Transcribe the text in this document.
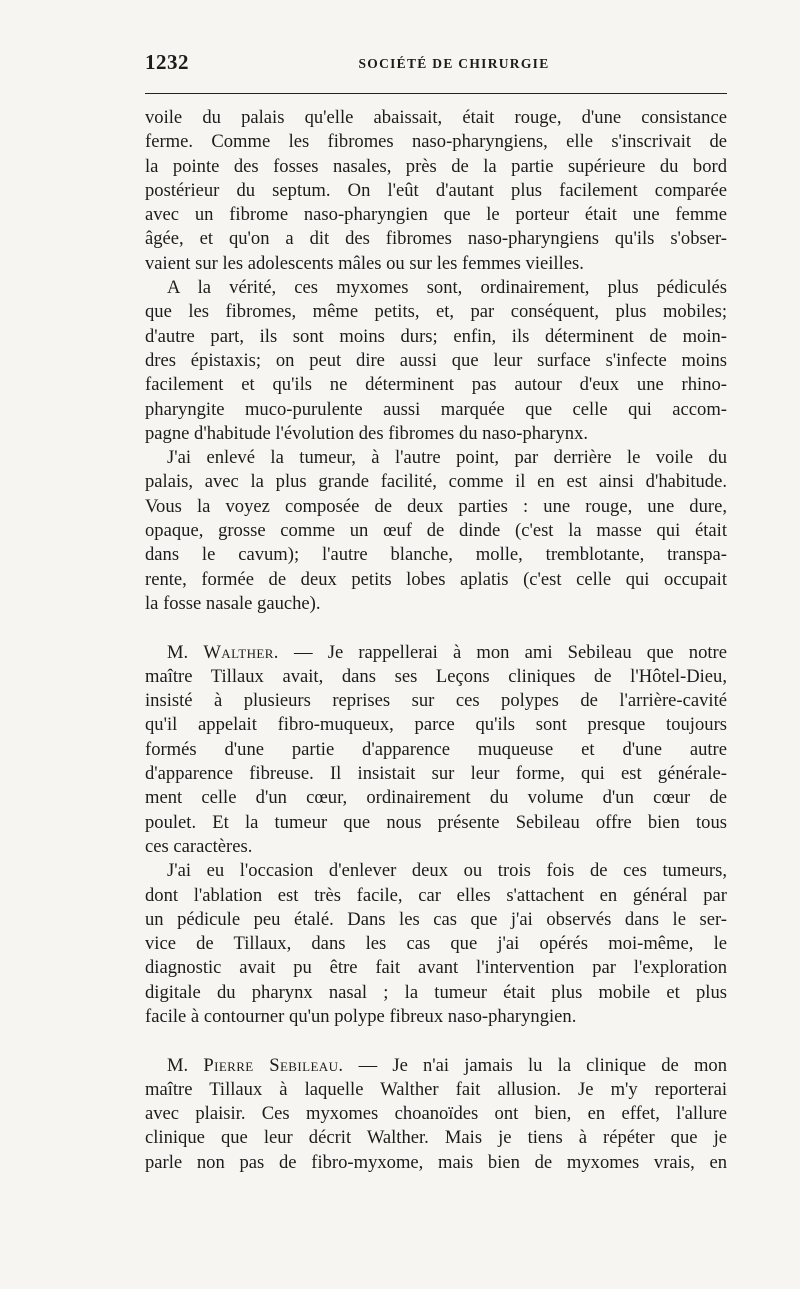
1232	SOCIÉTÉ DE CHIRURGIE
voile du palais qu'elle abaissait, était rouge, d'une consistance
ferme. Comme les fibromes naso-pharyngiens, elle s'inscrivait de
la pointe des fosses nasales, près de la partie supérieure du bord
postérieur du septum. On l'eût d'autant plus facilement comparée
avec un fibrome naso-pharyngien que le porteur était une femme
âgée, et qu'on a dit des fibromes naso-pharyngiens qu'ils s'obser-
vaient sur les adolescents mâles ou sur les femmes vieilles.
A la vérité, ces myxomes sont, ordinairement, plus pédiculés
que les fibromes, même petits, et, par conséquent, plus mobiles;
d'autre part, ils sont moins durs; enfin, ils déterminent de moin-
dres épistaxis; on peut dire aussi que leur surface s'infecte moins
facilement et qu'ils ne déterminent pas autour d'eux une rhino-
pharyngite muco-purulente aussi marquée que celle qui accom-
pagne d'habitude l'évolution des fibromes du naso-pharynx.
J'ai enlevé la tumeur, à l'autre point, par derrière le voile du
palais, avec la plus grande facilité, comme il en est ainsi d'habitude.
Vous la voyez composée de deux parties : une rouge, une dure,
opaque, grosse comme un œuf de dinde (c'est la masse qui était
dans le cavum); l'autre blanche, molle, tremblotante, transpa-
rente, formée de deux petits lobes aplatis (c'est celle qui occupait
la fosse nasale gauche).
M. Walther. — Je rappellerai à mon ami Sebileau que notre
maître Tillaux avait, dans ses Leçons cliniques de l'Hôtel-Dieu,
insisté à plusieurs reprises sur ces polypes de l'arrière-cavité
qu'il appelait fibro-muqueux, parce qu'ils sont presque toujours
formés d'une partie d'apparence muqueuse et d'une autre
d'apparence fibreuse. Il insistait sur leur forme, qui est générale-
ment celle d'un cœur, ordinairement du volume d'un cœur de
poulet. Et la tumeur que nous présente Sebileau offre bien tous
ces caractères.
J'ai eu l'occasion d'enlever deux ou trois fois de ces tumeurs,
dont l'ablation est très facile, car elles s'attachent en général par
un pédicule peu étalé. Dans les cas que j'ai observés dans le ser-
vice de Tillaux, dans les cas que j'ai opérés moi-même, le
diagnostic avait pu être fait avant l'intervention par l'exploration
digitale du pharynx nasal ; la tumeur était plus mobile et plus
facile à contourner qu'un polype fibreux naso-pharyngien.
M. Pierre Sebileau. — Je n'ai jamais lu la clinique de mon
maître Tillaux à laquelle Walther fait allusion. Je m'y reporterai
avec plaisir. Ces myxomes choanoïdes ont bien, en effet, l'allure
clinique que leur décrit Walther. Mais je tiens à répéter que je
parle non pas de fibro-myxome, mais bien de myxomes vrais, en
